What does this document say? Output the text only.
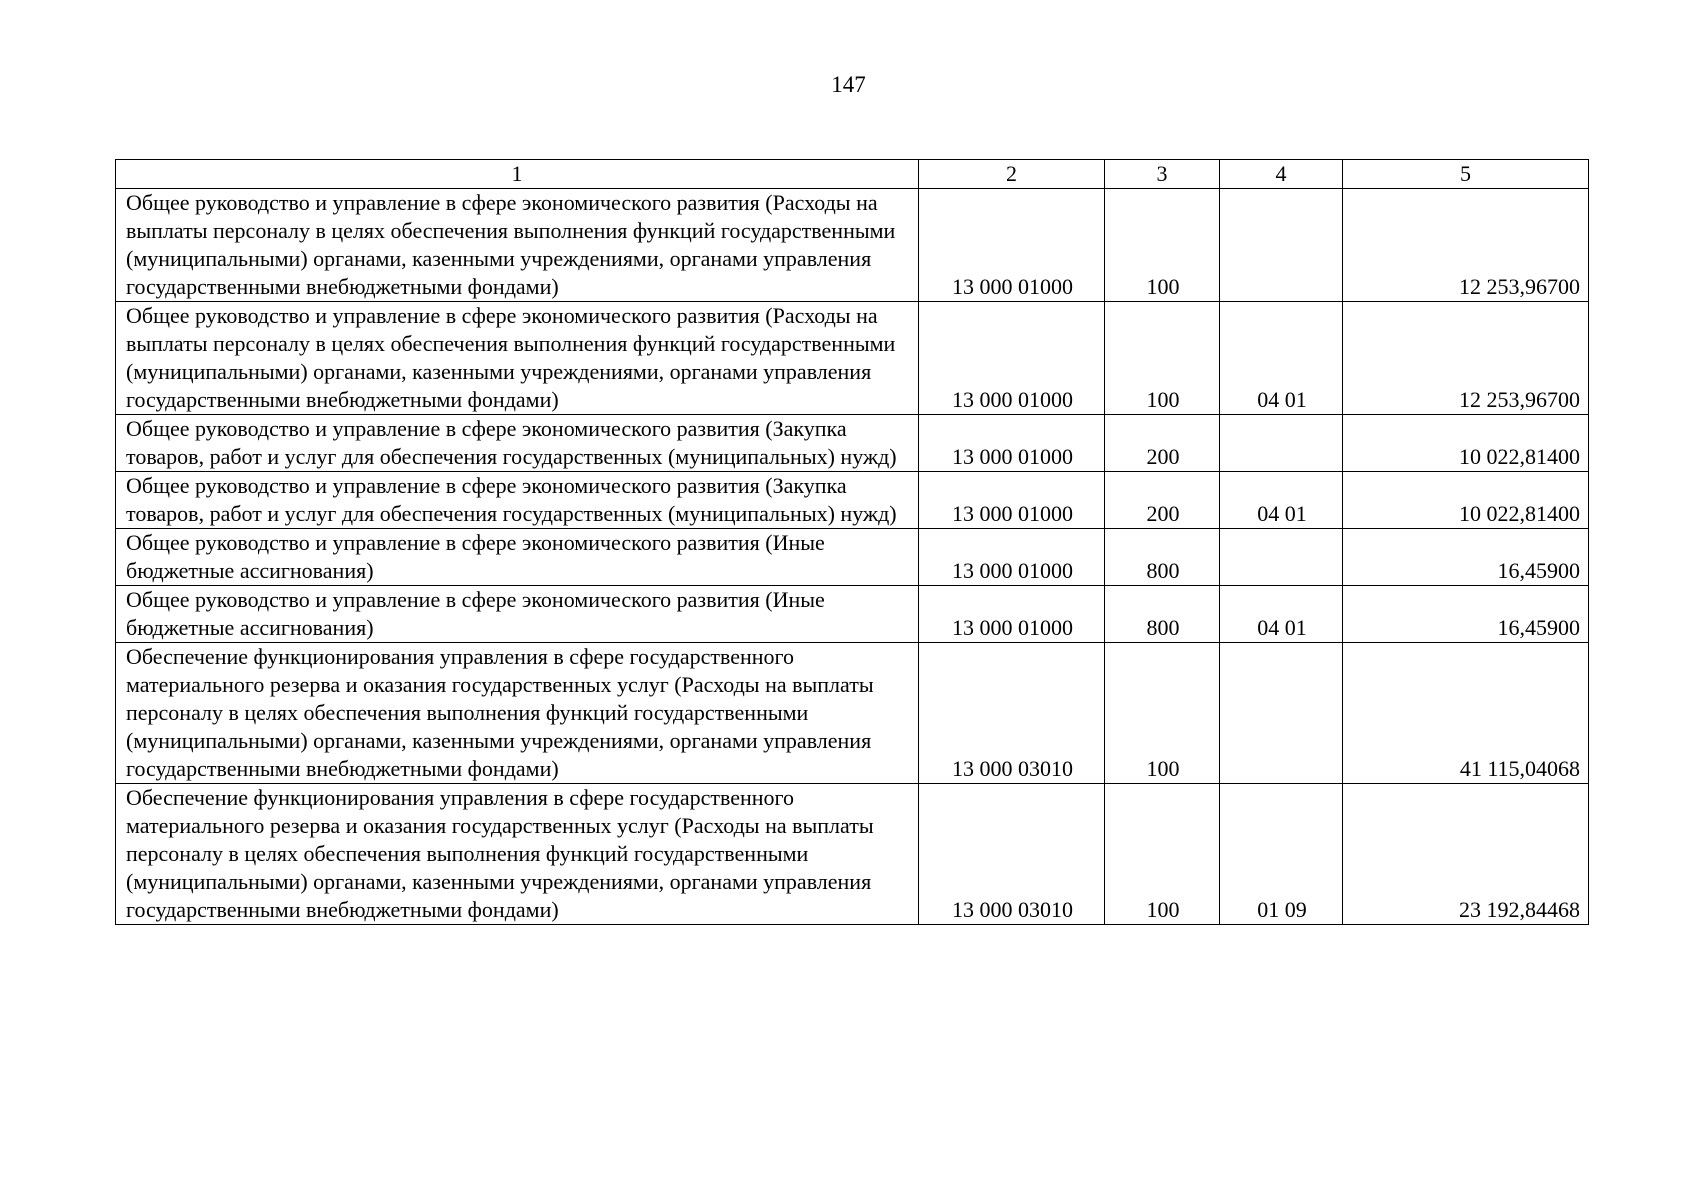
147
1	2	3	4	5
Общее руководство и управление в сфере экономического развития (Расходы на выплаты персоналу в целях обеспечения выполнения функций государственными (муниципальными) органами, казенными учреждениями, органами управления государственными внебюджетными фондами)	13 000 01000	100		12 253,96700
Общее руководство и управление в сфере экономического развития (Расходы на выплаты персоналу в целях обеспечения выполнения функций государственными (муниципальными) органами, казенными учреждениями, органами управления государственными внебюджетными фондами)	13 000 01000	100	04 01	12 253,96700
Общее руководство и управление в сфере экономического развития (Закупка товаров, работ и услуг для обеспечения государственных (муниципальных) нужд)	13 000 01000	200		10 022,81400
Общее руководство и управление в сфере экономического развития (Закупка товаров, работ и услуг для обеспечения государственных (муниципальных) нужд)	13 000 01000	200	04 01	10 022,81400
Общее руководство и управление в сфере экономического развития (Иные бюджетные ассигнования)	13 000 01000	800		16,45900
Общее руководство и управление в сфере экономического развития (Иные бюджетные ассигнования)	13 000 01000	800	04 01	16,45900
Обеспечение функционирования управления в сфере государственного материального резерва и оказания государственных услуг (Расходы на выплаты персоналу в целях обеспечения выполнения функций государственными (муниципальными) органами, казенными учреждениями, органами управления государственными внебюджетными фондами)	13 000 03010	100		41 115,04068
Обеспечение функционирования управления в сфере государственного материального резерва и оказания государственных услуг (Расходы на выплаты персоналу в целях обеспечения выполнения функций государственными (муниципальными) органами, казенными учреждениями, органами управления государственными внебюджетными фондами)	13 000 03010	100	01 09	23 192,84468
